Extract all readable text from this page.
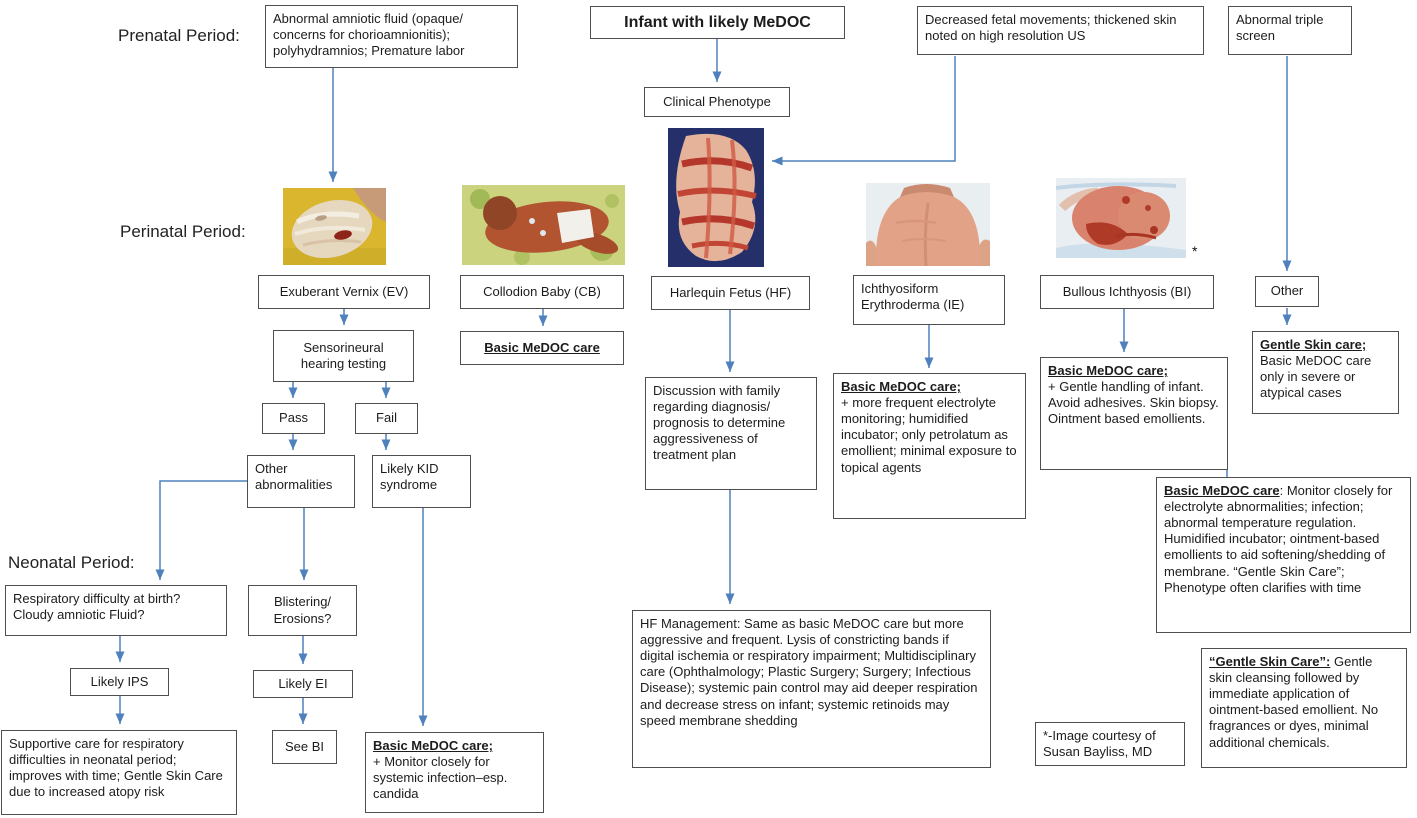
Prenatal Period:
Perinatal Period:
Neonatal Period:
Abnormal amniotic fluid (opaque/ concerns for chorioamnionitis); polyhydramnios; Premature labor
Infant with likely MeDOC	Decreased fetal movements; thickened skin noted on high resolution US
Abnormal triple screen
Clinical Phenotype
*
Exuberant Vernix (EV)	Collodion Baby (CB)	Harlequin Fetus (HF)	Ichthyosiform Erythroderma (IE)
Bullous Ichthyosis (BI)	Other
Sensorineural hearing testing
Pass	Fail
Other abnormalities
Likely KID syndrome
Basic MeDOC care
Discussion with family regarding diagnosis/ prognosis to determine aggressiveness of treatment plan
HF Management: Same as basic MeDOC care but more aggressive and frequent. Lysis of constricting bands if digital ischemia or respiratory impairment; Multidisciplinary care (Ophthalmology; Plastic Surgery; Surgery; Infectious Disease); systemic pain control may aid deeper respiration and decrease stress on infant; systemic retinoids may speed membrane shedding
Basic MeDOC care;
+ more frequent electrolyte monitoring; humidified incubator; only petrolatum as emollient; minimal exposure to topical agents
Basic MeDOC care;
+ Gentle handling of infant. Avoid adhesives. Skin biopsy. Ointment based emollients.
Gentle Skin care;
Basic MeDOC care only in severe or atypical cases
Basic MeDOC care: Monitor closely for electrolyte abnormalities; infection; abnormal temperature regulation. Humidified incubator; ointment-based emollients to aid softening/shedding of membrane. “Gentle Skin Care”; Phenotype often clarifies with time
“Gentle Skin Care”: Gentle skin cleansing followed by immediate application of ointment-based emollient. No fragrances or dyes, minimal additional chemicals.
*-Image courtesy of Susan Bayliss, MD
Respiratory difficulty at birth? Cloudy amniotic Fluid?
Blistering/ Erosions?
Likely IPS	Likely EI
Supportive care for respiratory difficulties in neonatal period; improves with time; Gentle Skin Care due to increased atopy risk
See BI	Basic MeDOC care;
+ Monitor closely for systemic infection–esp. candida
